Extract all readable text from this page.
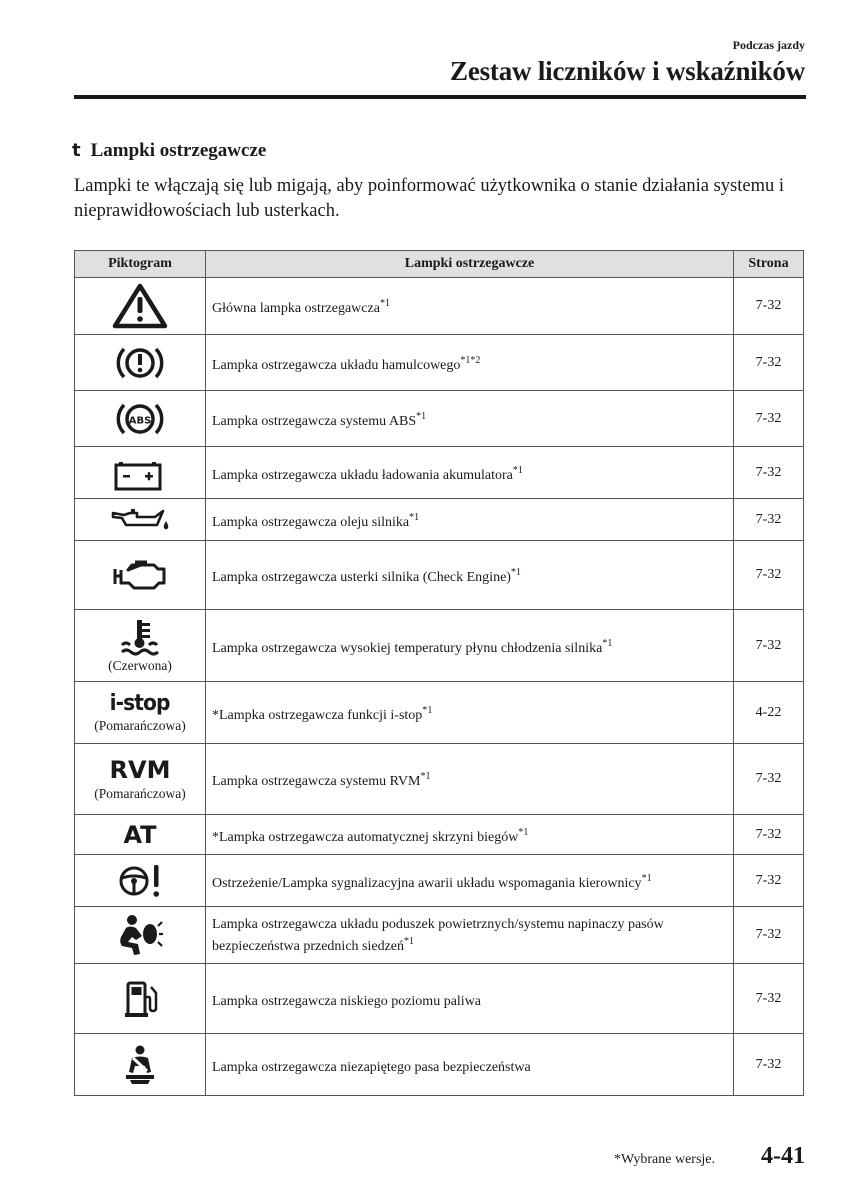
Podczas jazdy
Zestaw liczników i wskaźników
t Lampki ostrzegawcze
Lampki te włączają się lub migają, aby poinformować użytkownika o stanie działania systemu i nieprawidłowościach lub usterkach.
Piktogram	Lampki ostrzegawcze	Strona

	Główna lampka ostrzegawcza$^{*1}$	7-32

	Lampka ostrzegawcza układu hamulcowego$^{*1*2}$	7-32

ABS	Lampka ostrzegawcza systemu ABS$^{*1}$	7-32

	Lampka ostrzegawcza układu ładowania akumulatora$^{*1}$	7-32

	Lampka ostrzegawcza oleju silnika$^{*1}$	7-32

	Lampka ostrzegawcza usterki silnika (Check Engine)$^{*1}$	7-32

(Czerwona)	Lampka ostrzegawcza wysokiej temperatury płynu chłodzenia silnika$^{*1}$	7-32

i-stop
(Pomarańczowa)	*Lampka ostrzegawcza funkcji i-stop$^{*1}$	4-22

RVM
(Pomarańczowa)	Lampka ostrzegawcza systemu RVM$^{*1}$	7-32

AT	*Lampka ostrzegawcza automatycznej skrzyni biegów$^{*1}$	7-32

	Ostrzeżenie/Lampka sygnalizacyjna awarii układu wspomagania kierownicy$^{*1}$	7-32

	Lampka ostrzegawcza układu poduszek powietrznych/systemu napinaczy pasów bezpieczeństwa przednich siedzeń$^{*1}$	7-32

	Lampka ostrzegawcza niskiego poziomu paliwa	7-32

	Lampka ostrzegawcza niezapiętego pasa bezpieczeństwa	7-32
*Wybrane wersje. 4-41
